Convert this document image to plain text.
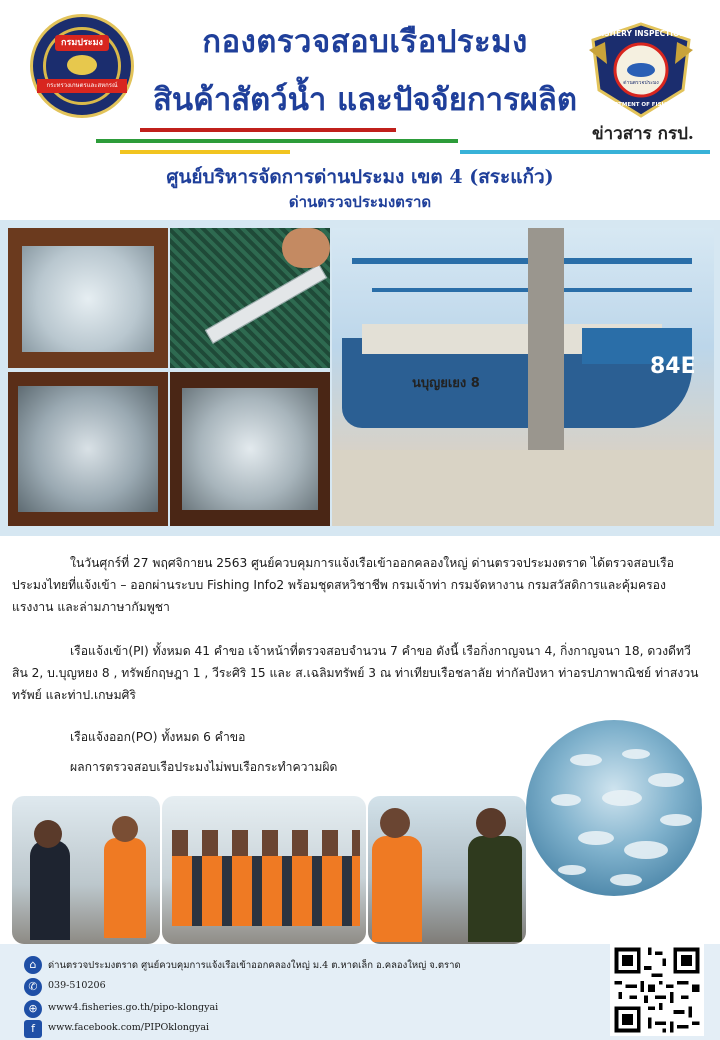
กรมประมง
กระทรวงเกษตรและสหกรณ์
FISHERY INSPECTION
ด่านตรวจประมง
DEPARTMENT OF FISHERIES
กองตรวจสอบเรือประมง
สินค้าสัตว์น้ำ และปัจจัยการผลิต
ข่าวสาร กรป.
ศูนย์บริหารจัดการด่านประมง เขต 4 (สระแก้ว)
ด่านตรวจประมงตราด
84E
นบุญยเยง 8
ในวันศุกร์ที่ 27 พฤศจิกายน 2563 ศูนย์ควบคุมการแจ้งเรือเข้าออกคลองใหญ่ ด่านตรวจประมงตราด ได้ตรวจสอบเรือประมงไทยที่แจ้งเข้า – ออกผ่านระบบ Fishing Info2 พร้อมชุดสหวิชาชีพ กรมเจ้าท่า กรมจัดหางาน กรมสวัสดิการและคุ้มครองแรงงาน และล่ามภาษากัมพูชา
เรือแจ้งเข้า(PI) ทั้งหมด 41 คำขอ เจ้าหน้าที่ตรวจสอบจำนวน 7 คำขอ ดังนี้ เรือกิ่งกาญจนา 4, กิ่งกาญจนา 18, ดวงดีทวีสิน 2, บ.บุญหยง 8 , ทรัพย์กฤษฎา 1 , วีระศิริ 15 และ ส.เฉลิมทรัพย์ 3 ณ ท่าเทียบเรือชลาลัย ท่ากัลปังหา ท่าอรปภาพาณิชย์ ท่าสงวนทรัพย์ และท่าป.เกษมศิริ
เรือแจ้งออก(PO) ทั้งหมด 6 คำขอ
ผลการตรวจสอบเรือประมงไม่พบเรือกระทำความผิด
⌂	ด่านตรวจประมงตราด ศูนย์ควบคุมการแจ้งเรือเข้าออกคลองใหญ่ ม.4 ต.หาดเล็ก อ.คลองใหญ่ จ.ตราด
✆	039-510206
⊕	www4.fisheries.go.th/pipo-klongyai
f	www.facebook.com/PIPOklongyai
